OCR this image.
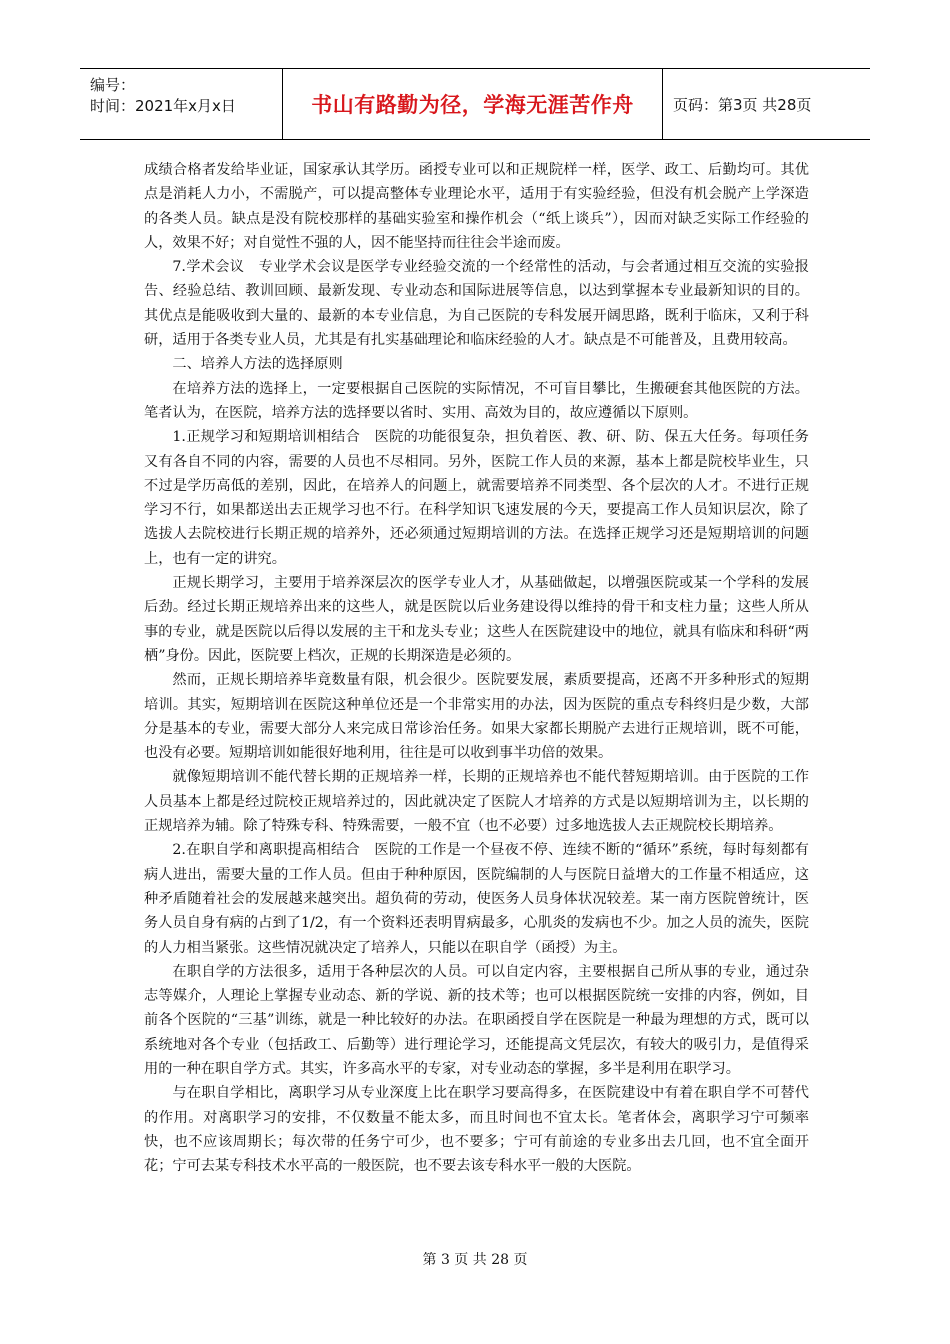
编号：
时间：2021年x月x日	书山有路勤为径，学海无涯苦作舟	页码：第3页 共28页

成绩合格者发给毕业证，国家承认其学历。函授专业可以和正规院样一样，医学、政工、后勤均可。其优点是消耗人力小，不需脱产，可以提高整体专业理论水平，适用于有实验经验，但没有机会脱产上学深造的各类人员。缺点是没有院校那样的基础实验室和操作机会（“纸上谈兵”），因而对缺乏实际工作经验的人，效果不好；对自觉性不强的人，因不能坚持而往往会半途而废。

7.学术会议　专业学术会议是医学专业经验交流的一个经常性的活动，与会者通过相互交流的实验报告、经验总结、教训回顾、最新发现、专业动态和国际进展等信息，以达到掌握本专业最新知识的目的。其优点是能吸收到大量的、最新的本专业信息，为自己医院的专科发展开阔思路，既利于临床，又利于科研，适用于各类专业人员，尤其是有扎实基础理论和临床经验的人才。缺点是不可能普及，且费用较高。

二、培养人方法的选择原则

在培养方法的选择上，一定要根据自己医院的实际情况，不可盲目攀比，生搬硬套其他医院的方法。笔者认为，在医院，培养方法的选择要以省时、实用、高效为目的，故应遵循以下原则。

1.正规学习和短期培训相结合　医院的功能很复杂，担负着医、教、研、防、保五大任务。每项任务又有各自不同的内容，需要的人员也不尽相同。另外，医院工作人员的来源，基本上都是院校毕业生，只不过是学历高低的差别，因此，在培养人的问题上，就需要培养不同类型、各个层次的人才。不进行正规学习不行，如果都送出去正规学习也不行。在科学知识飞速发展的今天，要提高工作人员知识层次，除了选拔人去院校进行长期正规的培养外，还必须通过短期培训的方法。在选择正规学习还是短期培训的问题上，也有一定的讲究。

正规长期学习，主要用于培养深层次的医学专业人才，从基础做起，以增强医院或某一个学科的发展后劲。经过长期正规培养出来的这些人，就是医院以后业务建设得以维持的骨干和支柱力量；这些人所从事的专业，就是医院以后得以发展的主干和龙头专业；这些人在医院建设中的地位，就具有临床和科研“两栖”身份。因此，医院要上档次，正规的长期深造是必须的。

然而，正规长期培养毕竟数量有限，机会很少。医院要发展，素质要提高，还离不开多种形式的短期培训。其实，短期培训在医院这种单位还是一个非常实用的办法，因为医院的重点专科终归是少数，大部分是基本的专业，需要大部分人来完成日常诊治任务。如果大家都长期脱产去进行正规培训，既不可能，也没有必要。短期培训如能很好地利用，往往是可以收到事半功倍的效果。

就像短期培训不能代替长期的正规培养一样，长期的正规培养也不能代替短期培训。由于医院的工作人员基本上都是经过院校正规培养过的，因此就决定了医院人才培养的方式是以短期培训为主，以长期的正规培养为辅。除了特殊专科、特殊需要，一般不宜（也不必要）过多地选拔人去正规院校长期培养。

2.在职自学和离职提高相结合　医院的工作是一个昼夜不停、连续不断的“循环”系统，每时每刻都有病人进出，需要大量的工作人员。但由于种种原因，医院编制的人与医院日益增大的工作量不相适应，这种矛盾随着社会的发展越来越突出。超负荷的劳动，使医务人员身体状况较差。某一南方医院曾统计，医务人员自身有病的占到了1/2，有一个资料还表明胃病最多，心肌炎的发病也不少。加之人员的流失，医院的人力相当紧张。这些情况就决定了培养人，只能以在职自学（函授）为主。

在职自学的方法很多，适用于各种层次的人员。可以自定内容，主要根据自己所从事的专业，通过杂志等媒介，人理论上掌握专业动态、新的学说、新的技术等；也可以根据医院统一安排的内容，例如，目前各个医院的“三基”训练，就是一种比较好的办法。在职函授自学在医院是一种最为理想的方式，既可以系统地对各个专业（包括政工、后勤等）进行理论学习，还能提高文凭层次，有较大的吸引力，是值得采用的一种在职自学方式。其实，许多高水平的专家，对专业动态的掌握，多半是利用在职学习。

与在职自学相比，离职学习从专业深度上比在职学习要高得多，在医院建设中有着在职自学不可替代的作用。对离职学习的安排，不仅数量不能太多，而且时间也不宜太长。笔者体会，离职学习宁可频率快，也不应该周期长；每次带的任务宁可少，也不要多；宁可有前途的专业多出去几回，也不宜全面开花；宁可去某专科技术水平高的一般医院，也不要去该专科水平一般的大医院。

第 3 页 共 28 页
